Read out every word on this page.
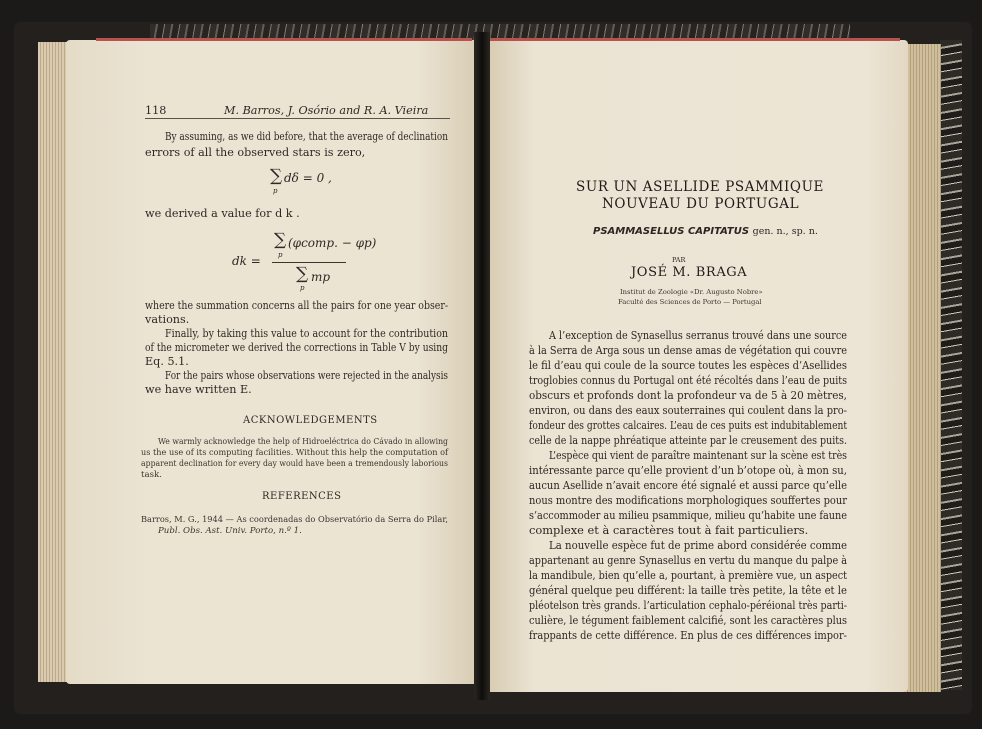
118	M. Barros, J. Osório and R. A. Vieira
By assuming, as we did before, that the average of declination
errors of all the observed stars is zero,
∑ dδ = 0 ,
p
we derived a value for d k .
dk =
∑ (φcomp. − φp)
p
∑ mp
p
where the summation concerns all the pairs for one year obser-
vations.
Finally, by taking this value to account for the contribution
of the micrometer we derived the corrections in Table V by using
Eq. 5.1.
For the pairs whose observations were rejected in the analysis
we have written E.
ACKNOWLEDGEMENTS
We warmly acknowledge the help of Hidroeléctrica do Cávado in allowing
us the use of its computing facilities. Without this help the computation of
apparent declination for every day would have been a tremendously laborious
task.
REFERENCES
Barros, M. G., 1944 — As coordenadas do Observatório da Serra do Pilar,
Publ. Obs. Ast. Univ. Porto, n.º 1.
SUR UN ASELLIDE PSAMMIQUE
NOUVEAU DU PORTUGAL
PSAMMASELLUS CAPITATUS gen. n., sp. n.
PAR
JOSÉ M. BRAGA
Institut de Zoologie «Dr. Augusto Nobre»
Faculté des Sciences de Porto — Portugal
A l’exception de Synasellus serranus trouvé dans une source
à la Serra de Arga sous un dense amas de végétation qui couvre
le fil d’eau qui coule de la source toutes les espèces d’Asellides
troglobies connus du Portugal ont été récoltés dans l’eau de puits
obscurs et profonds dont la profondeur va de 5 à 20 mètres,
environ, ou dans des eaux souterraines qui coulent dans la pro-
fondeur des grottes calcaires. L’eau de ces puits est indubitablement
celle de la nappe phréatique atteinte par le creusement des puits.
L’espèce qui vient de paraître maintenant sur la scène est très
intéressante parce qu’elle provient d’un b’otope où, à mon su,
aucun Asellide n’avait encore été signalé et aussi parce qu’elle
nous montre des modifications morphologiques souffertes pour
s’accommoder au milieu psammique, milieu qu’habite une faune
complexe et à caractères tout à fait particuliers.
La nouvelle espèce fut de prime abord considérée comme
appartenant au genre Synasellus en vertu du manque du palpe à
la mandibule, bien qu’elle a, pourtant, à première vue, un aspect
général quelque peu différent: la taille très petite, la tête et le
pléotelson très grands. l’articulation cephalo-péréional très parti-
culière, le tégument faiblement calcifié, sont les caractères plus
frappants de cette différence. En plus de ces différences impor-
